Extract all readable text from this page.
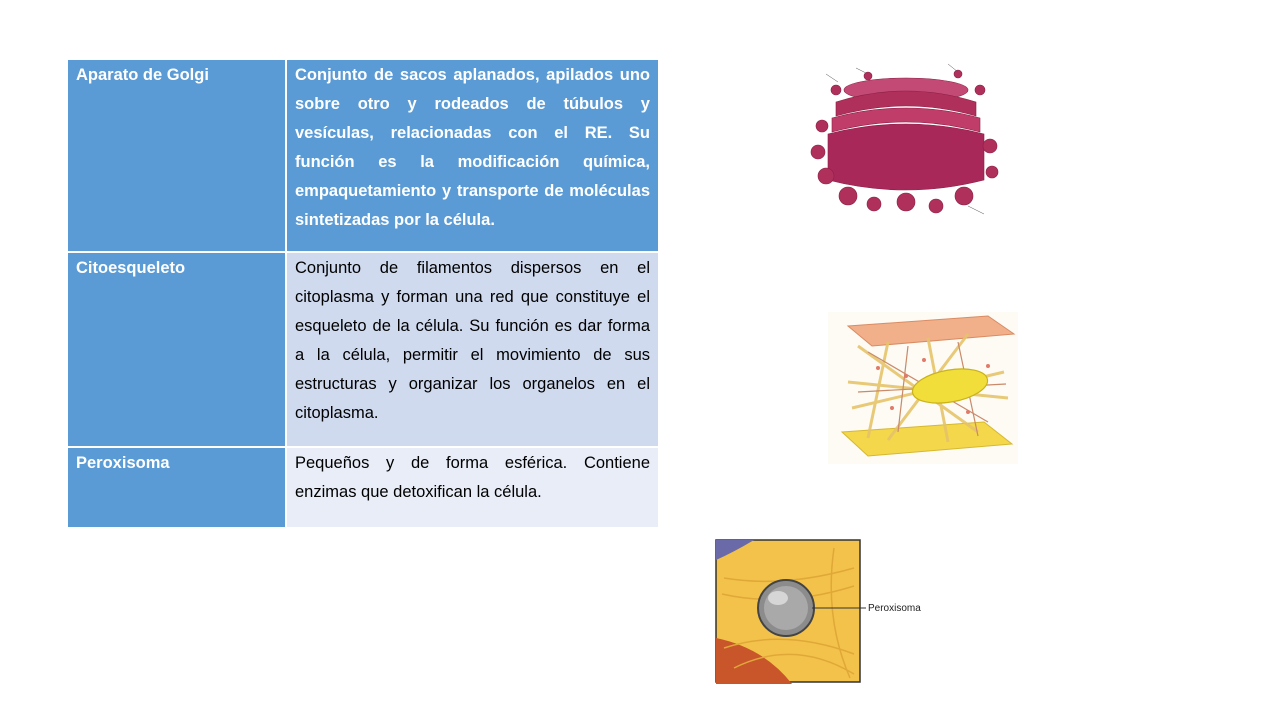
Aparato de Golgi	Conjunto de sacos aplanados, apilados uno sobre otro y rodeados de túbulos y vesículas, relacionadas con el RE. Su función es la modificación química, empaquetamiento y transporte de moléculas sintetizadas por la célula.

Citoesqueleto	Conjunto de filamentos dispersos en el citoplasma y forman una red que constituye el esqueleto de la célula. Su función es dar forma a la célula, permitir el movimiento de sus estructuras y organizar los organelos en el citoplasma.

Peroxisoma	Pequeños y de forma esférica. Contiene enzimas que detoxifican la célula.
Peroxisoma
